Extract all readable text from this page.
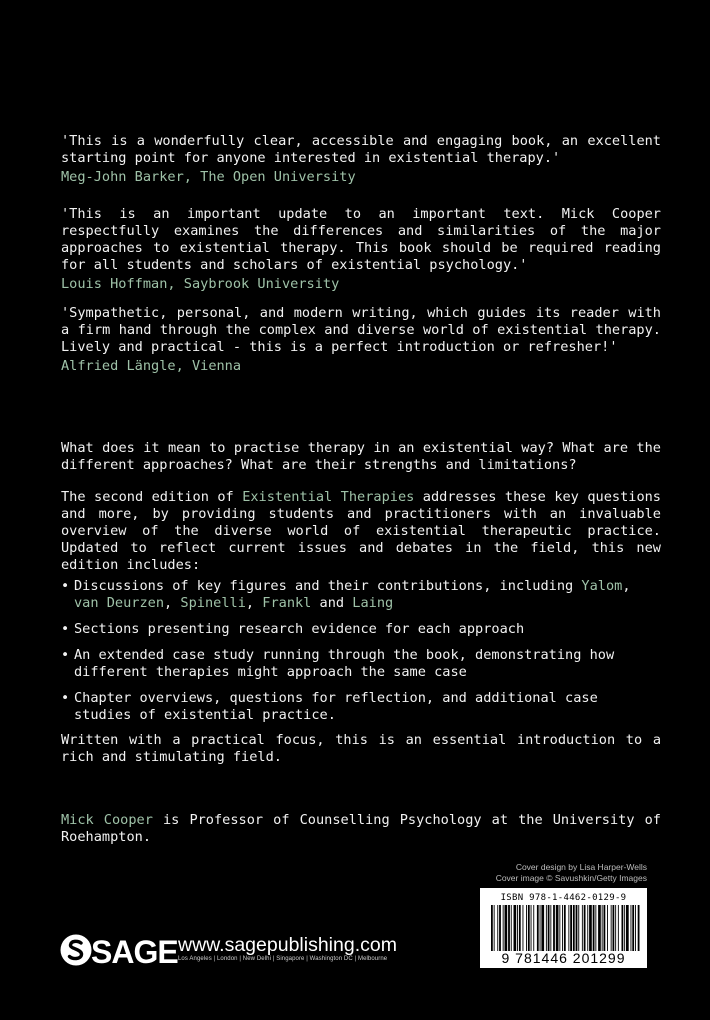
'This is a wonderfully clear, accessible and engaging book, an excellent starting point for anyone interested in existential therapy.'

Meg-John Barker, The Open University

'This is an important update to an important text. Mick Cooper respectfully examines the differences and similarities of the major approaches to existential therapy. This book should be required reading for all students and scholars of existential psychology.'

Louis Hoffman, Saybrook University

'Sympathetic, personal, and modern writing, which guides its reader with a firm hand through the complex and diverse world of existential therapy. Lively and practical - this is a perfect introduction or refresher!'

Alfried Längle, Vienna

What does it mean to practise therapy in an existential way? What are the different approaches? What are their strengths and limitations?

The second edition of Existential Therapies addresses these key questions and more, by providing students and practitioners with an invaluable overview of the diverse world of existential therapeutic practice. Updated to reflect current issues and debates in the field, this new edition includes:

• Discussions of key figures and their contributions, including Yalom, van Deurzen, Spinelli, Frankl and Laing
• Sections presenting research evidence for each approach
• An extended case study running through the book, demonstrating how different therapies might approach the same case
• Chapter overviews, questions for reflection, and additional case studies of existential practice.

Written with a practical focus, this is an essential introduction to a rich and stimulating field.

Mick Cooper is Professor of Counselling Psychology at the University of Roehampton.

Cover design by Lisa Harper-Wells
Cover image © Savushkin/Getty Images
ISBN 978-1-4462-0129-9
9 781446 201299
SAGE www.sagepublishing.com
Los Angeles | London | New Delhi | Singapore | Washington DC | Melbourne
